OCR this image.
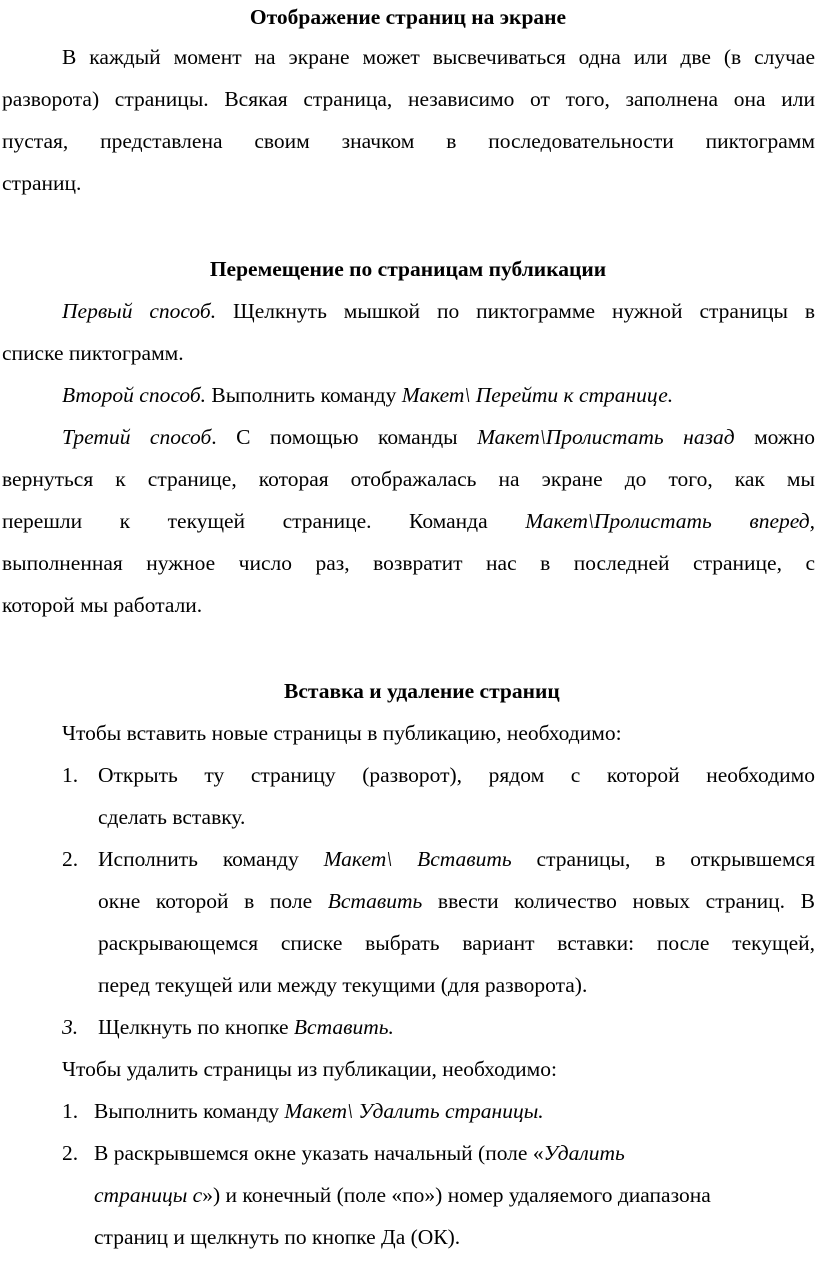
Отображение страниц на экране
В каждый момент на экране может высвечиваться одна или две (в случае
разворота) страницы. Всякая страница, независимо от того, заполнена она или
пустая, представлена своим значком в последовательности пиктограмм
страниц.
Перемещение по страницам публикации
Первый способ. Щелкнуть мышкой по пиктограмме нужной страницы в
списке пиктограмм.
Второй способ. Выполнить команду Макет\ Перейти к странице.
Третий способ. С помощью команды Макет\Пролистать назад можно
вернуться к странице, которая отображалась на экране до того, как мы
перешли к текущей странице. Команда Макет\Пролистать вперед,
выполненная нужное число раз, возвратит нас в последней странице, с
которой мы работали.
Вставка и удаление страниц
Чтобы вставить новые страницы в публикацию, необходимо:
1. Открыть ту страницу (разворот), рядом с которой необходимо
сделать вставку.
2. Исполнить команду Макет\ Вставить страницы, в открывшемся
окне которой в поле Вставить ввести количество новых страниц. В
раскрывающемся списке выбрать вариант вставки: после текущей,
перед текущей или между текущими (для разворота).
3. Щелкнуть по кнопке Вставить.
Чтобы удалить страницы из публикации, необходимо:
1. Выполнить команду Макет\ Удалить страницы.
2. В раскрывшемся окне указать начальный (поле «Удалить
страницы с») и конечный (поле «по») номер удаляемого диапазона
страниц и щелкнуть по кнопке Да (ОК).
